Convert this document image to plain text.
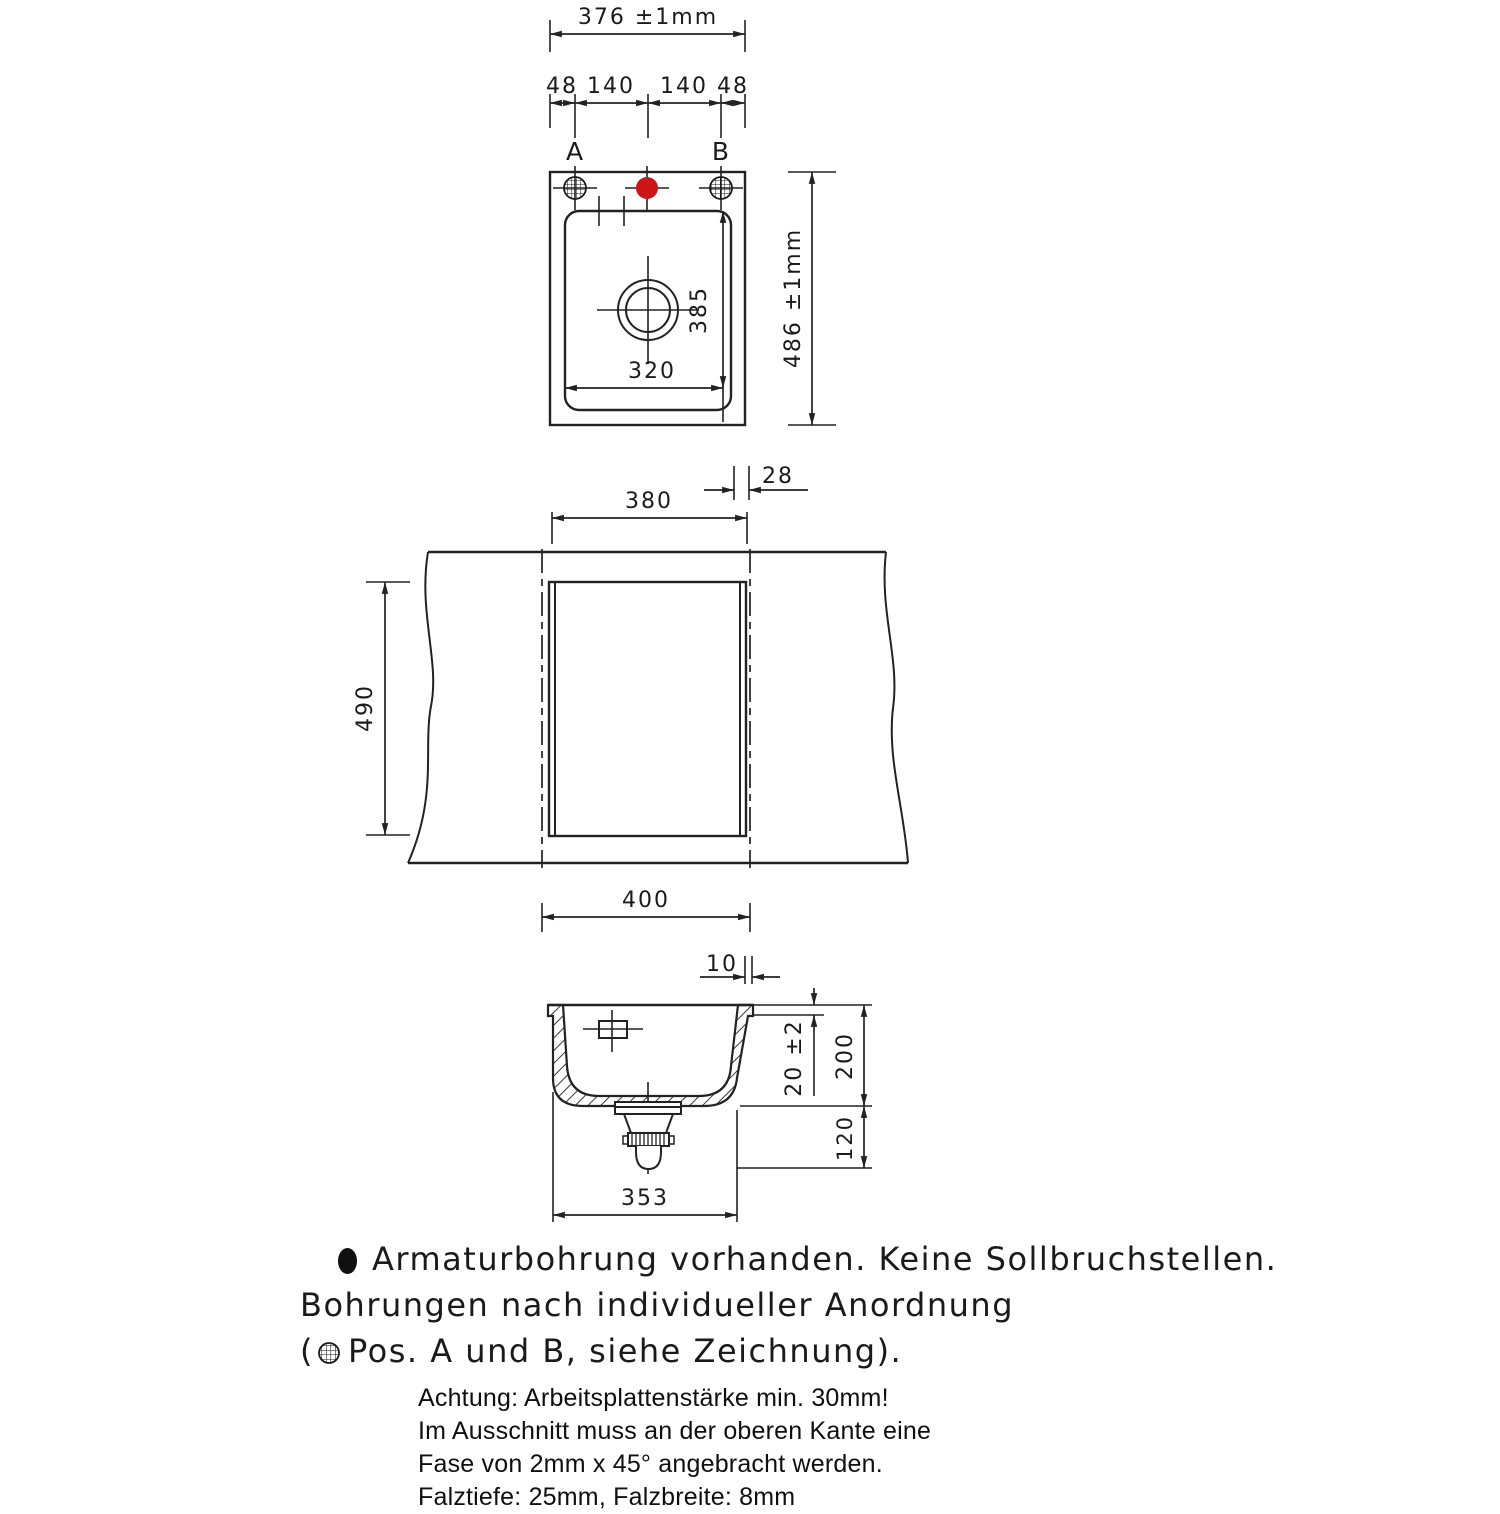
376 ±1mm
48 140 140 48
A	B
320
385	486 ±1mm
28
380
490
400
10
20 ±2 200
120
353
Armaturbohrung vorhanden. Keine Sollbruchstellen.
Bohrungen nach individueller Anordnung
( Pos. A und B, siehe Zeichnung).
Achtung: Arbeitsplattenstärke min. 30mm!
Im Ausschnitt muss an der oberen Kante eine
Fase von 2mm x 45° angebracht werden.
Falztiefe: 25mm, Falzbreite: 8mm
